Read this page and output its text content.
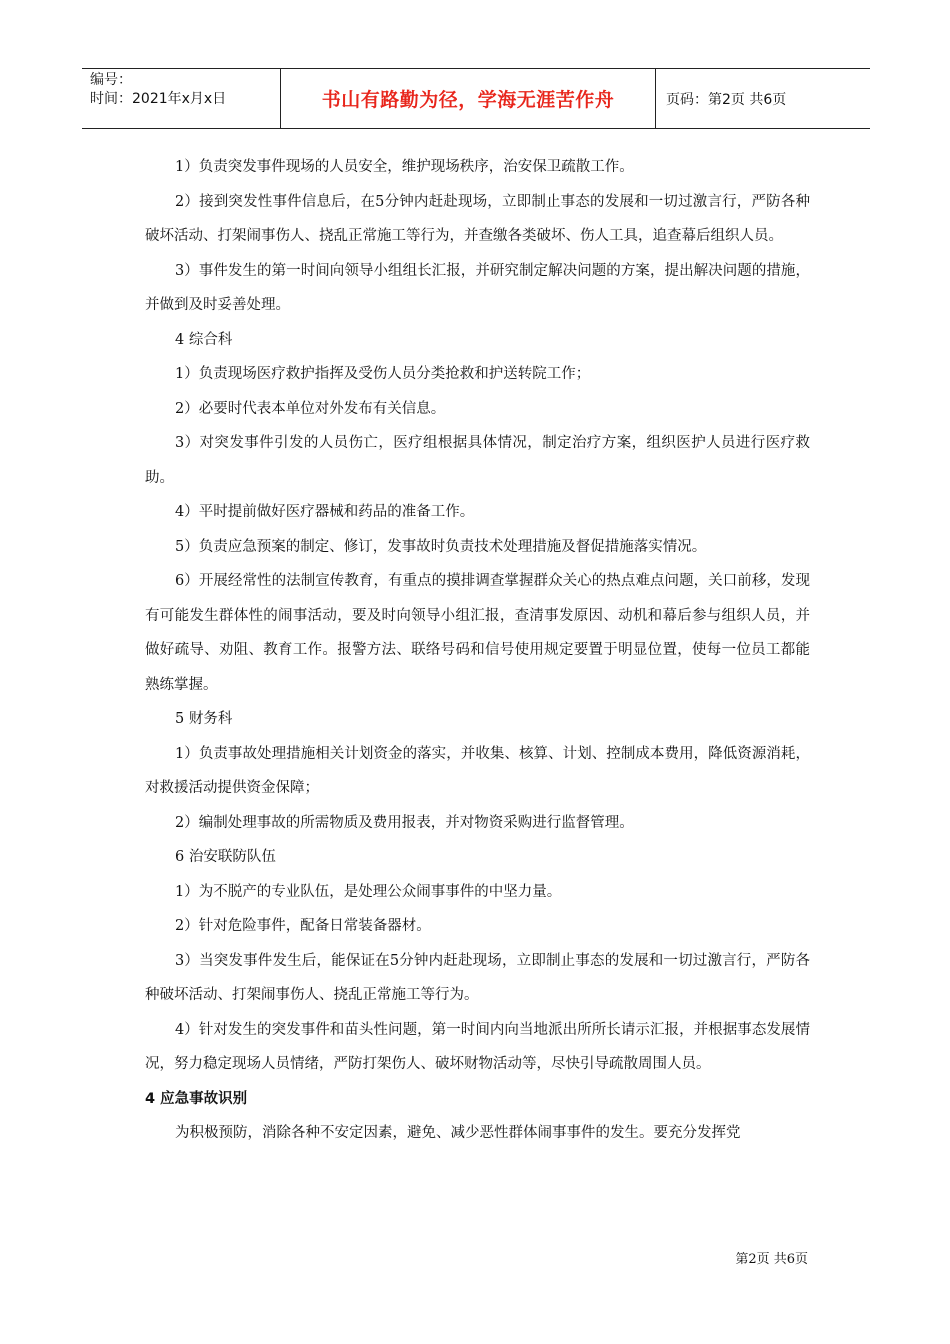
编号：
时间：2021年x月x日	书山有路勤为径，学海无涯苦作舟	页码：第2页 共6页

1）负责突发事件现场的人员安全，维护现场秩序，治安保卫疏散工作。

2）接到突发性事件信息后，在5分钟内赶赴现场，立即制止事态的发展和一切过激言行，严防各种破坏活动、打架闹事伤人、挠乱正常施工等行为，并查缴各类破坏、伤人工具，追查幕后组织人员。

3）事件发生的第一时间向领导小组组长汇报，并研究制定解决问题的方案，提出解决问题的措施，并做到及时妥善处理。

4 综合科

1）负责现场医疗救护指挥及受伤人员分类抢救和护送转院工作；

2）必要时代表本单位对外发布有关信息。

3）对突发事件引发的人员伤亡，医疗组根据具体情况，制定治疗方案，组织医护人员进行医疗救助。

4）平时提前做好医疗器械和药品的准备工作。

5）负责应急预案的制定、修订，发事故时负责技术处理措施及督促措施落实情况。

6）开展经常性的法制宣传教育，有重点的摸排调查掌握群众关心的热点难点问题，关口前移，发现有可能发生群体性的闹事活动，要及时向领导小组汇报，查清事发原因、动机和幕后参与组织人员，并做好疏导、劝阻、教育工作。报警方法、联络号码和信号使用规定要置于明显位置，使每一位员工都能熟练掌握。

5 财务科

1）负责事故处理措施相关计划资金的落实，并收集、核算、计划、控制成本费用，降低资源消耗，对救援活动提供资金保障；

2）编制处理事故的所需物质及费用报表，并对物资采购进行监督管理。

6 治安联防队伍

1）为不脱产的专业队伍，是处理公众闹事事件的中坚力量。

2）针对危险事件，配备日常装备器材。

3）当突发事件发生后，能保证在5分钟内赶赴现场，立即制止事态的发展和一切过激言行，严防各种破坏活动、打架闹事伤人、挠乱正常施工等行为。

4）针对发生的突发事件和苗头性问题，第一时间内向当地派出所所长请示汇报，并根据事态发展情况，努力稳定现场人员情绪，严防打架伤人、破坏财物活动等，尽快引导疏散周围人员。

4 应急事故识别

为积极预防，消除各种不安定因素，避免、减少恶性群体闹事事件的发生。要充分发挥党

第2页 共6页
